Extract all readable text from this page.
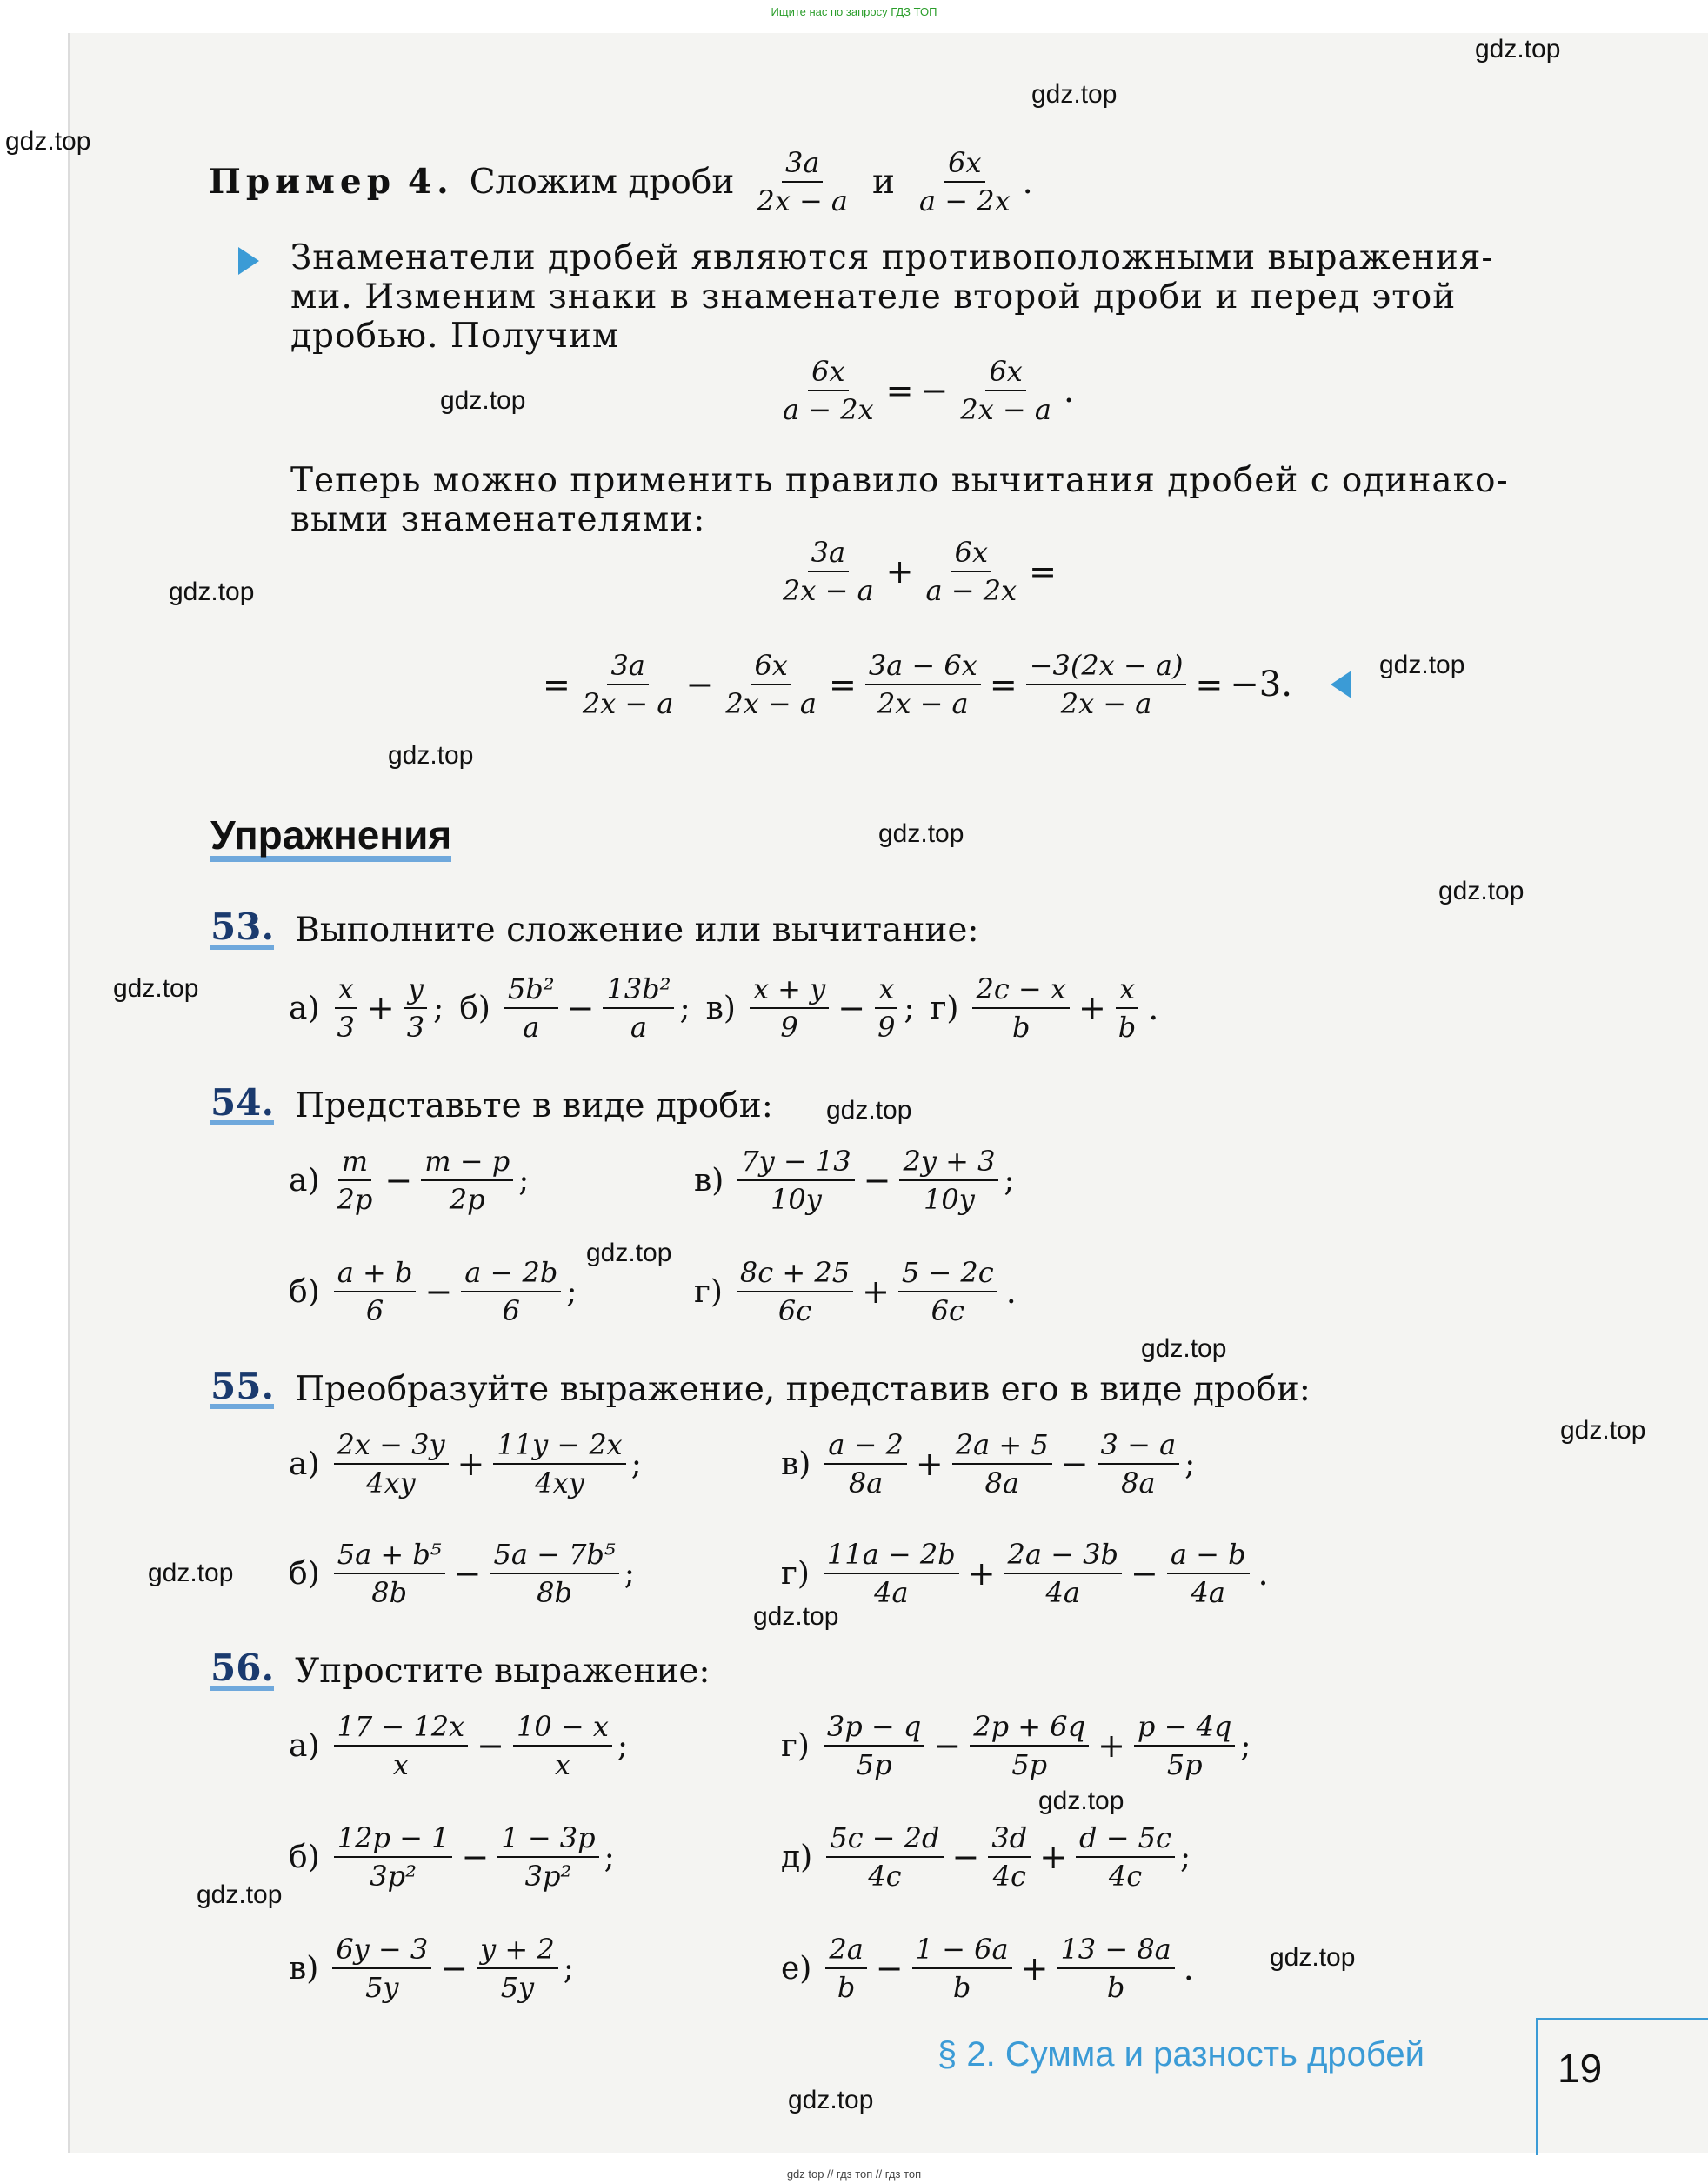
Ищите нас по запросу ГДЗ ТОП
Пример 4. Сложим дроби $\frac{3a}{2x - a}$ и $\frac{6x}{a - 2x}$ .
Знаменатели дробей являются противоположными выражения-
ми. Изменим знаки в знаменателе второй дроби и перед этой
дробью. Получим
$\frac{6x}{a - 2x}$ = − $\frac{6x}{2x - a}$ .
Теперь можно применить правило вычитания дробей с одинако-
выми знаменателями:
$\frac{3a}{2x - a} + \frac{6x}{a - 2x}$ =
= $\frac{3a}{2x - a} - \frac{6x}{2x - a} = \frac{3a - 6x}{2x - a} = \frac{-3(2x - a)}{2x - a} = -3$.
Упражнения
53. Выполните сложение или вычитание:
$а) \frac{x}{3} + \frac{y}{3}$ ; $б) \frac{\text{5b²}}{a} - \frac{\text{13b²}}{a}$ ; $в) \frac{x + y}{9} - \frac{x}{9}$ ; $г) \frac{2c - x}{b} + \frac{x}{b}$ .
54. Представьте в виде дроби:
$а) \frac{m}{2p} - \frac{m - p}{2p}$ ;	$в) \frac{7y - 13}{10y} - \frac{2y + 3}{10y}$ ;
$б) \frac{a + b}{6} - \frac{a - 2b}{6}$ ;	$г) \frac{8c + 25}{6c} + \frac{5 - 2c}{6c}$ .
55. Преобразуйте выражение, представив его в виде дроби:
$а) \frac{2x - 3y}{4xy} + \frac{11y - 2x}{4xy}$ ;	$в) \frac{a - 2}{8a} + \frac{2a + 5}{8a} - \frac{3 - a}{8a}$ ;
$б) \frac{\text{5a + b⁵}}{8b} - \frac{\text{5a − 7b⁵}}{8b}$ ;	$г) \frac{11a - 2b}{4a} + \frac{2a - 3b}{4a} - \frac{a - b}{4a}$ .
56. Упростите выражение:
$а) \frac{17 - 12x}{x} - \frac{10 - x}{x}$ ;	$г) \frac{3p - q}{5p} - \frac{2p + 6q}{5p} + \frac{p - 4q}{5p}$ ;
$б) \frac{12p - 1}{\text{3p²}} - \frac{1 - 3p}{\text{3p²}}$ ;	$д) \frac{5c - 2d}{4c} - \frac{3d}{4c} + \frac{d - 5c}{4c}$ ;
$в) \frac{6y - 3}{5y} - \frac{y + 2}{5y}$ ;	$е) \frac{2a}{b} - \frac{1 - 6a}{b} + \frac{13 - 8a}{b}$ .
§ 2. Сумма и разность дробей	19
gdz.top
gdz.top
gdz.top
gdz.top
gdz.top
gdz.top
gdz.top
gdz.top
gdz.top
gdz.top
gdz.top
gdz.top
gdz.top
gdz.top
gdz.top
gdz.top
gdz.top
gdz.top
gdz.top
gdz.top
gdz top // гдз топ // гдз топ
